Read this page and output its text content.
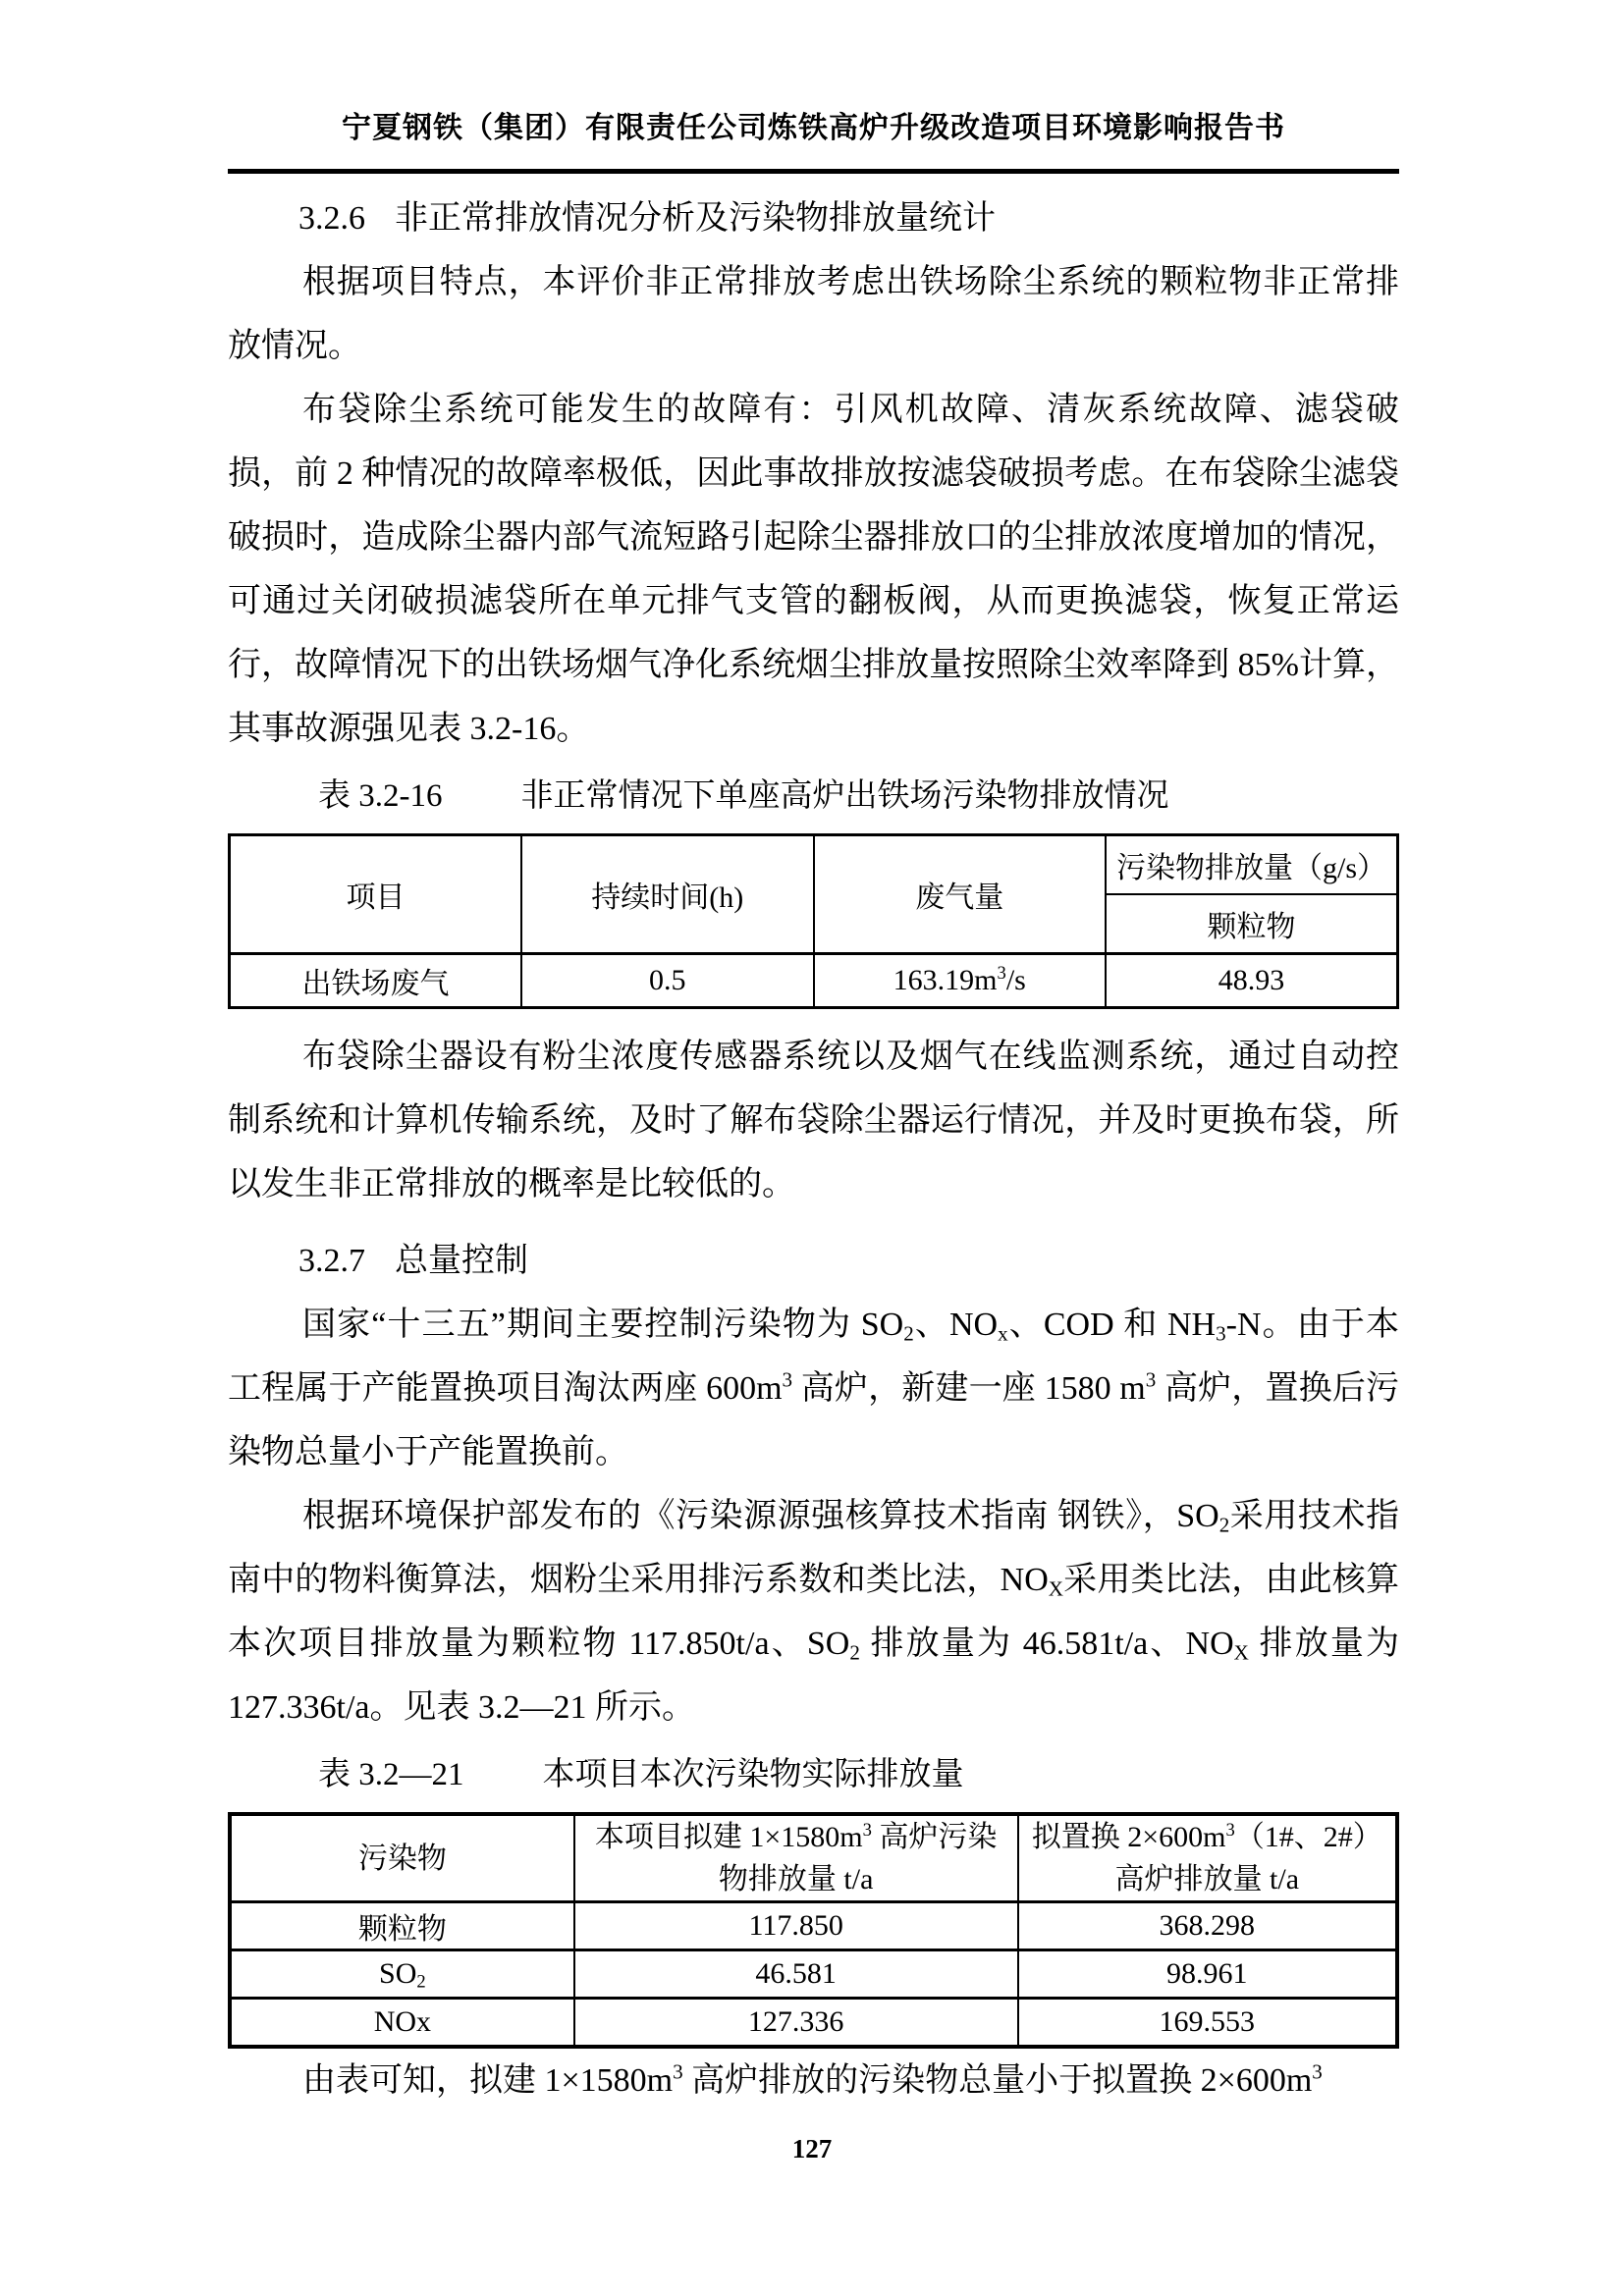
宁夏钢铁（集团）有限责任公司炼铁高炉升级改造项目环境影响报告书
3.2.6 非正常排放情况分析及污染物排放量统计

根据项目特点，本评价非正常排放考虑出铁场除尘系统的颗粒物非正常排放情况。

布袋除尘系统可能发生的故障有：引风机故障、清灰系统故障、滤袋破损，前 2 种情况的故障率极低，因此事故排放按滤袋破损考虑。在布袋除尘滤袋破损时，造成除尘器内部气流短路引起除尘器排放口的尘排放浓度增加的情况，可通过关闭破损滤袋所在单元排气支管的翻板阀，从而更换滤袋，恢复正常运行，故障情况下的出铁场烟气净化系统烟尘排放量按照除尘效率降到 85%计算，其事故源强见表 3.2-16。

表 3.2-16 非正常情况下单座高炉出铁场污染物排放情况
项目	持续时间(h)	废气量	污染物排放量（g/s）
			颗粒物
出铁场废气	0.5	$163.19m^3/s$	48.93

布袋除尘器设有粉尘浓度传感器系统以及烟气在线监测系统，通过自动控制系统和计算机传输系统，及时了解布袋除尘器运行情况，并及时更换布袋，所以发生非正常排放的概率是比较低的。

3.2.7 总量控制

国家“十三五”期间主要控制污染物为 $SO_2$、$NO_x$、COD 和 $NH_3-N$。由于本工程属于产能置换项目淘汰两座 $600m^3$ 高炉，新建一座 1580 $m^3$ 高炉，置换后污染物总量小于产能置换前。

根据环境保护部发布的《污染源源强核算技术指南 钢铁》，$SO_2$采用技术指南中的物料衡算法，烟粉尘采用排污系数和类比法，$NO_X$采用类比法，由此核算本次项目排放量为颗粒物 117.850t/a、$SO_2$ 排放量为 46.581t/a、$NO_X$ 排放量为 127.336t/a。见表 3.2—21 所示。

表 3.2—21 本项目本次污染物实际排放量
污染物	本项目拟建 $1\times 1580m^3$ 高炉污染物排放量 t/a	拟置换 $2\times 600m^3(1\#$、2#）高炉排放量 t/a
颗粒物	117.850	368.298
$SO_2$	46.581	98.961
NOx	127.336	169.553

由表可知，拟建 $1\times 1580m^3$ 高炉排放的污染物总量小于拟置换 $2\times 600m^3$

127
